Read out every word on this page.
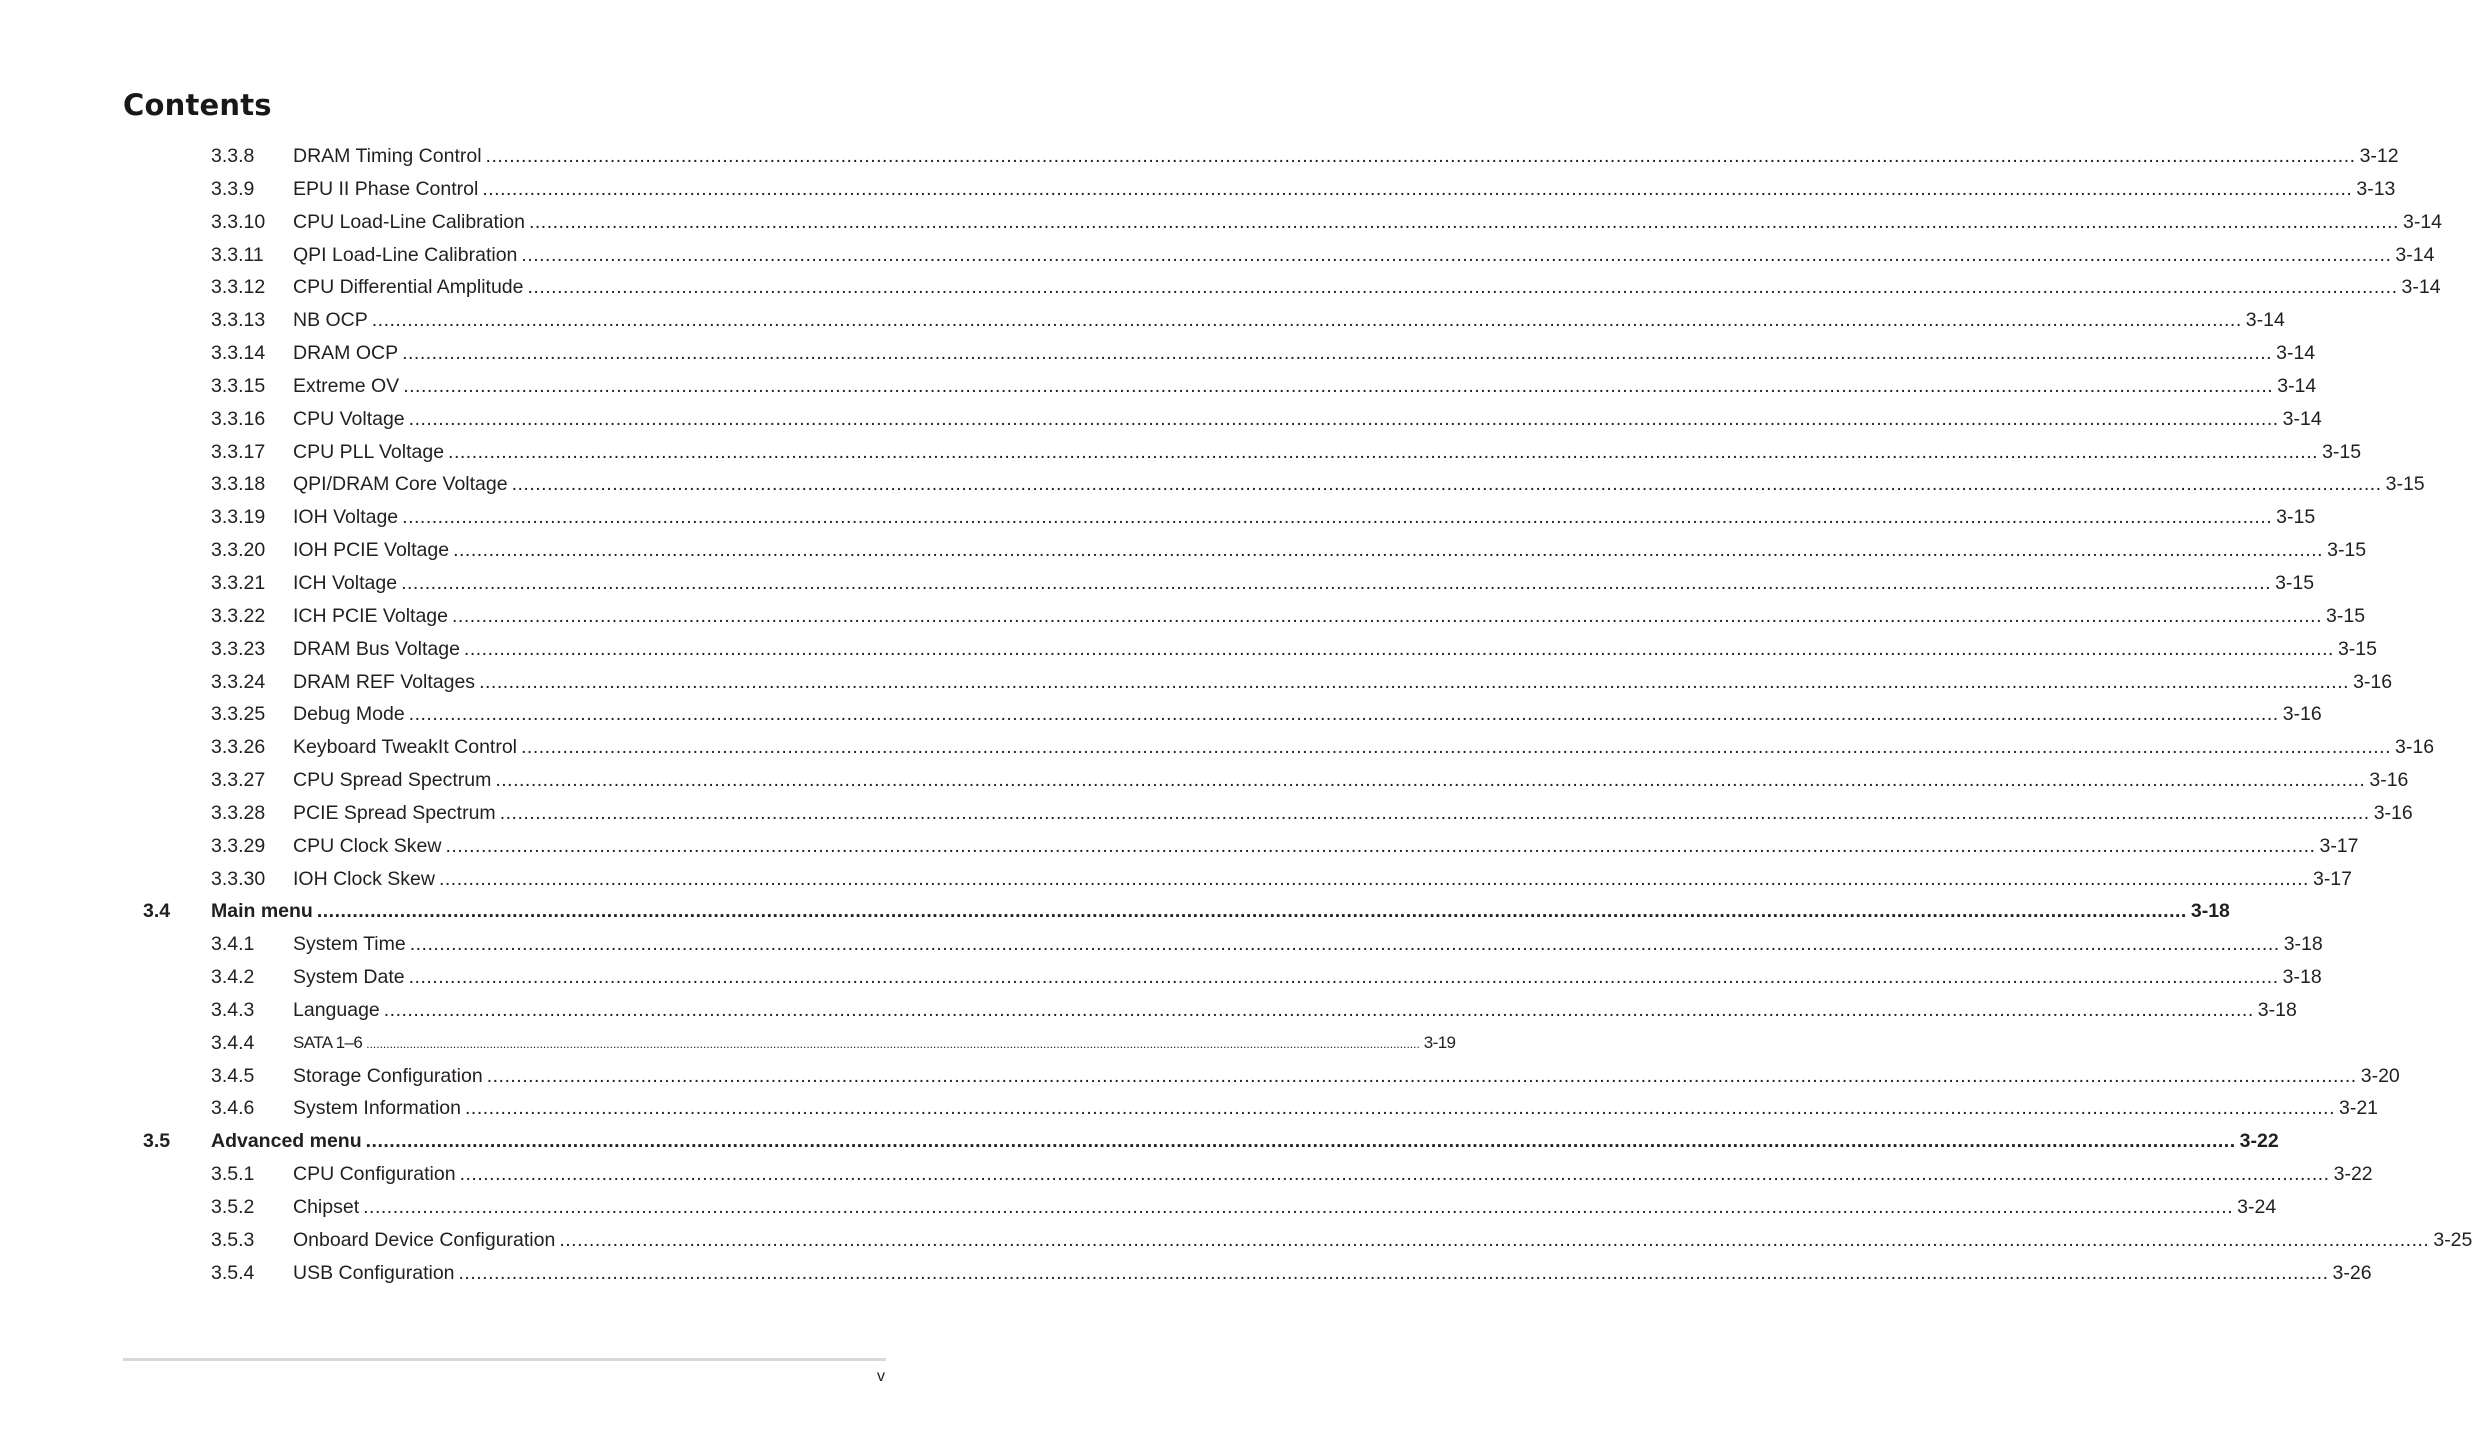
Contents
3.3.8 DRAM Timing Control ............................................................................................................................................................................................................................................................................................................................ 3-12
3.3.9 EPU II Phase Control ............................................................................................................................................................................................................................................................................................................................ 3-13
3.3.10 CPU Load-Line Calibration ............................................................................................................................................................................................................................................................................................................................ 3-14
3.3.11 QPI Load-Line Calibration ............................................................................................................................................................................................................................................................................................................................ 3-14
3.3.12 CPU Differential Amplitude ............................................................................................................................................................................................................................................................................................................................ 3-14
3.3.13 NB OCP ............................................................................................................................................................................................................................................................................................................................ 3-14
3.3.14 DRAM OCP ............................................................................................................................................................................................................................................................................................................................ 3-14
3.3.15 Extreme OV ............................................................................................................................................................................................................................................................................................................................ 3-14
3.3.16 CPU Voltage ............................................................................................................................................................................................................................................................................................................................ 3-14
3.3.17 CPU PLL Voltage ............................................................................................................................................................................................................................................................................................................................ 3-15
3.3.18 QPI/DRAM Core Voltage ............................................................................................................................................................................................................................................................................................................................ 3-15
3.3.19 IOH Voltage ............................................................................................................................................................................................................................................................................................................................ 3-15
3.3.20 IOH PCIE Voltage ............................................................................................................................................................................................................................................................................................................................ 3-15
3.3.21 ICH Voltage ............................................................................................................................................................................................................................................................................................................................ 3-15
3.3.22 ICH PCIE Voltage ............................................................................................................................................................................................................................................................................................................................ 3-15
3.3.23 DRAM Bus Voltage ............................................................................................................................................................................................................................................................................................................................ 3-15
3.3.24 DRAM REF Voltages ............................................................................................................................................................................................................................................................................................................................ 3-16
3.3.25 Debug Mode ............................................................................................................................................................................................................................................................................................................................ 3-16
3.3.26 Keyboard TweakIt Control ............................................................................................................................................................................................................................................................................................................................ 3-16
3.3.27 CPU Spread Spectrum ............................................................................................................................................................................................................................................................................................................................ 3-16
3.3.28 PCIE Spread Spectrum ............................................................................................................................................................................................................................................................................................................................ 3-16
3.3.29 CPU Clock Skew ............................................................................................................................................................................................................................................................................................................................ 3-17
3.3.30 IOH Clock Skew ............................................................................................................................................................................................................................................................................................................................ 3-17
3.4 Main menu ............................................................................................................................................................................................................................................................................................................................ 3-18
3.4.1 System Time ............................................................................................................................................................................................................................................................................................................................ 3-18
3.4.2 System Date ............................................................................................................................................................................................................................................................................................................................ 3-18
3.4.3 Language ............................................................................................................................................................................................................................................................................................................................ 3-18
3.4.4 SATA 1–6 ............................................................................................................................................................................................................................................................................................................................ 3-19
3.4.5 Storage Configuration ............................................................................................................................................................................................................................................................................................................................ 3-20
3.4.6 System Information ............................................................................................................................................................................................................................................................................................................................ 3-21
3.5 Advanced menu ............................................................................................................................................................................................................................................................................................................................ 3-22
3.5.1 CPU Configuration ............................................................................................................................................................................................................................................................................................................................ 3-22
3.5.2 Chipset ............................................................................................................................................................................................................................................................................................................................ 3-24
3.5.3 Onboard Device Configuration ............................................................................................................................................................................................................................................................................................................................ 3-25
3.5.4 USB Configuration ............................................................................................................................................................................................................................................................................................................................ 3-26
v
